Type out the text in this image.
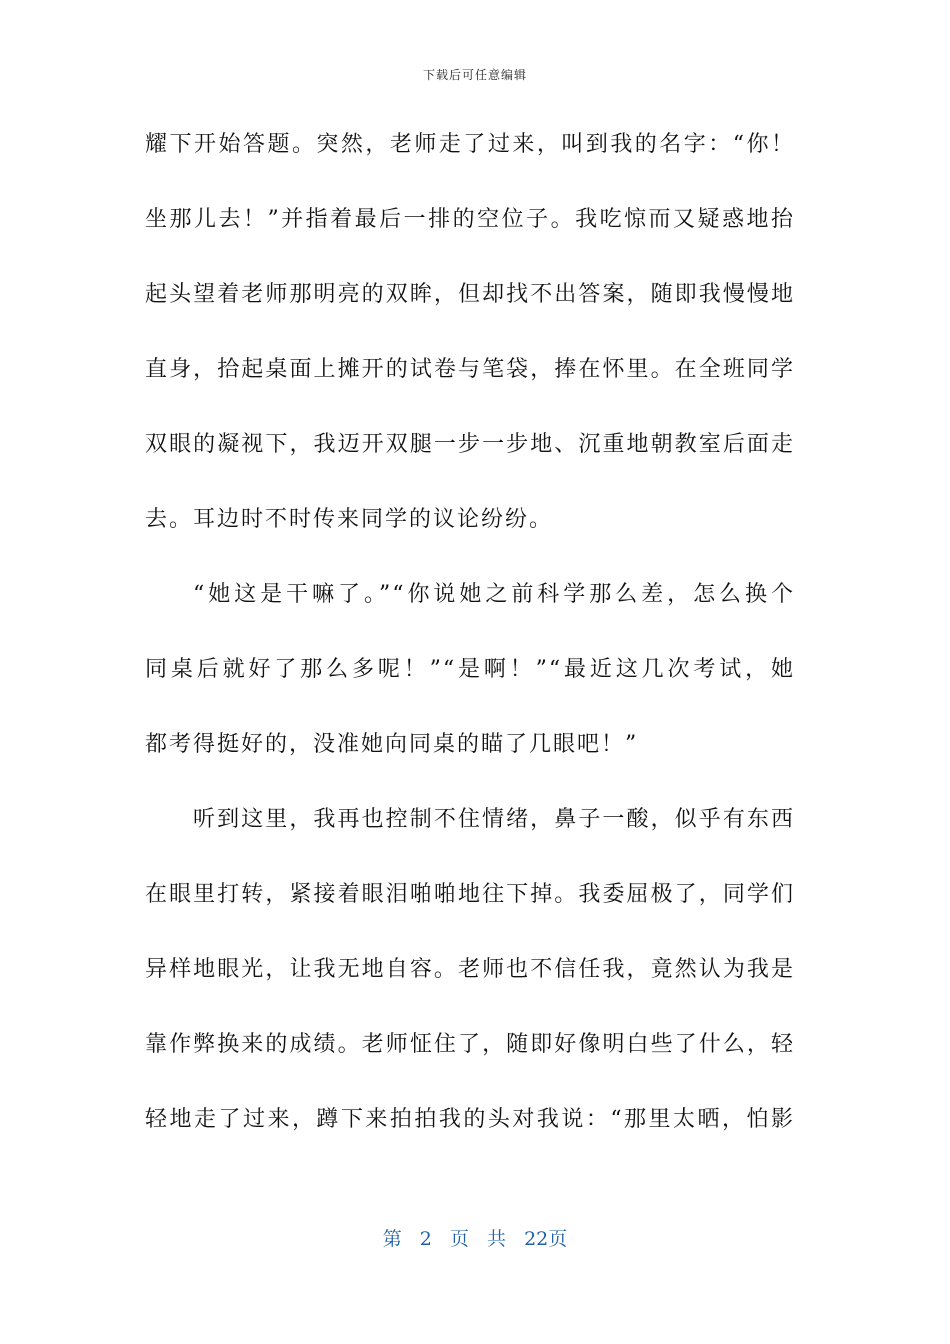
下载后可任意编辑
耀下开始答题。突然，老师走了过来，叫到我的名字：“你！
坐那儿去！”并指着最后一排的空位子。我吃惊而又疑惑地抬
起头望着老师那明亮的双眸，但却找不出答案，随即我慢慢地
直身，拾起桌面上摊开的试卷与笔袋，捧在怀里。在全班同学
双眼的凝视下，我迈开双腿一步一步地、沉重地朝教室后面走
去。耳边时不时传来同学的议论纷纷。
“她这是干嘛了。”“你说她之前科学那么差，怎么换个
同桌后就好了那么多呢！”“是啊！”“最近这几次考试，她
都考得挺好的，没准她向同桌的瞄了几眼吧！”
听到这里，我再也控制不住情绪，鼻子一酸，似乎有东西
在眼里打转，紧接着眼泪啪啪地往下掉。我委屈极了，同学们
异样地眼光，让我无地自容。老师也不信任我，竟然认为我是
靠作弊换来的成绩。老师怔住了，随即好像明白些了什么，轻
轻地走了过来，蹲下来拍拍我的头对我说：“那里太晒，怕影
第 2 页 共 22页
